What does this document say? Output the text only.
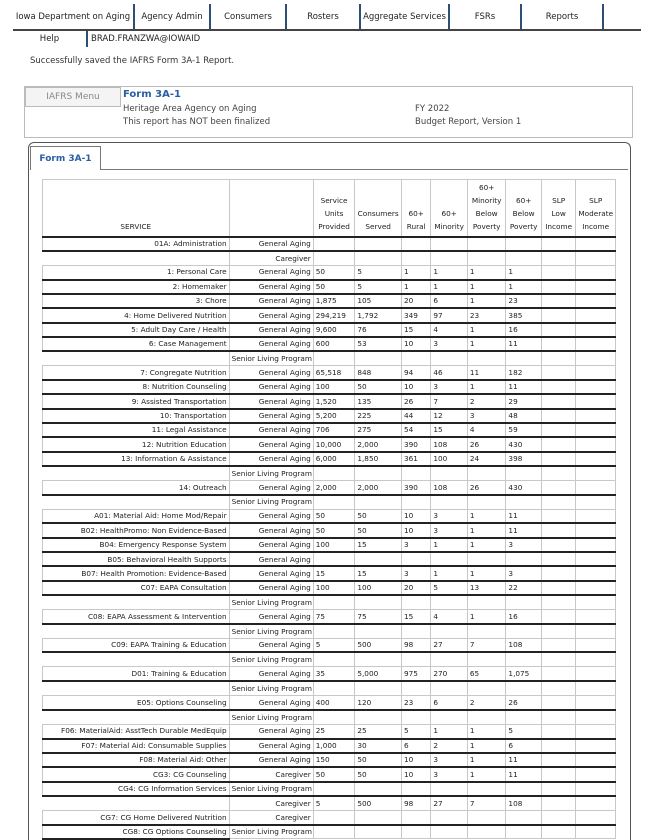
Iowa Department on Aging	Agency Admin	Consumers	Rosters	Aggregate Services	FSRs	Reports
Help	BRAD.FRANZWA@IOWAID
Successfully saved the IAFRS Form 3A-1 Report.
IAFRS Menu	Form 3A-1
Heritage Area Agency on Aging
This report has NOT been finalized
FY 2022
Budget Report, Version 1
Form 3A-1
SERVICE		Service Units Provided	Consumers Served	60+ Rural	60+ Minority	60+ Minority Below Poverty	60+ Below Poverty	SLP Low Income	SLP Moderate Income
01A: Administration	General Aging								
	Caregiver								
1: Personal Care	General Aging	50	5	1	1	1	1		
2: Homemaker	General Aging	50	5	1	1	1	1		
3: Chore	General Aging	1,875	105	20	6	1	23		
4: Home Delivered Nutrition	General Aging	294,219	1,792	349	97	23	385		
5: Adult Day Care / Health	General Aging	9,600	76	15	4	1	16		
6: Case Management	General Aging	600	53	10	3	1	11		
	Senior Living Program								
7: Congregate Nutrition	General Aging	65,518	848	94	46	11	182		
8: Nutrition Counseling	General Aging	100	50	10	3	1	11		
9: Assisted Transportation	General Aging	1,520	135	26	7	2	29		
10: Transportation	General Aging	5,200	225	44	12	3	48		
11: Legal Assistance	General Aging	706	275	54	15	4	59		
12: Nutrition Education	General Aging	10,000	2,000	390	108	26	430		
13: Information & Assistance	General Aging	6,000	1,850	361	100	24	398		
	Senior Living Program								
14: Outreach	General Aging	2,000	2,000	390	108	26	430		
	Senior Living Program								
A01: Material Aid: Home Mod/Repair	General Aging	50	50	10	3	1	11		
B02: HealthPromo: Non Evidence-Based	General Aging	50	50	10	3	1	11		
B04: Emergency Response System	General Aging	100	15	3	1	1	3		
B05: Behavioral Health Supports	General Aging								
B07: Health Promotion: Evidence-Based	General Aging	15	15	3	1	1	3		
C07: EAPA Consultation	General Aging	100	100	20	5	13	22		
	Senior Living Program								
C08: EAPA Assessment & Intervention	General Aging	75	75	15	4	1	16		
	Senior Living Program								
C09: EAPA Training & Education	General Aging	5	500	98	27	7	108		
	Senior Living Program								
D01: Training & Education	General Aging	35	5,000	975	270	65	1,075		
	Senior Living Program								
E05: Options Counseling	General Aging	400	120	23	6	2	26		
	Senior Living Program								
F06: MaterialAid: AsstTech Durable MedEquip	General Aging	25	25	5	1	1	5		
F07: Material Aid: Consumable Supplies	General Aging	1,000	30	6	2	1	6		
F08: Material Aid: Other	General Aging	150	50	10	3	1	11		
CG3: CG Counseling	Caregiver	50	50	10	3	1	11		
CG4: CG Information Services	Senior Living Program								
	Caregiver	5	500	98	27	7	108		
CG7: CG Home Delivered Nutrition	Caregiver								
CG8: CG Options Counseling	Senior Living Program								
